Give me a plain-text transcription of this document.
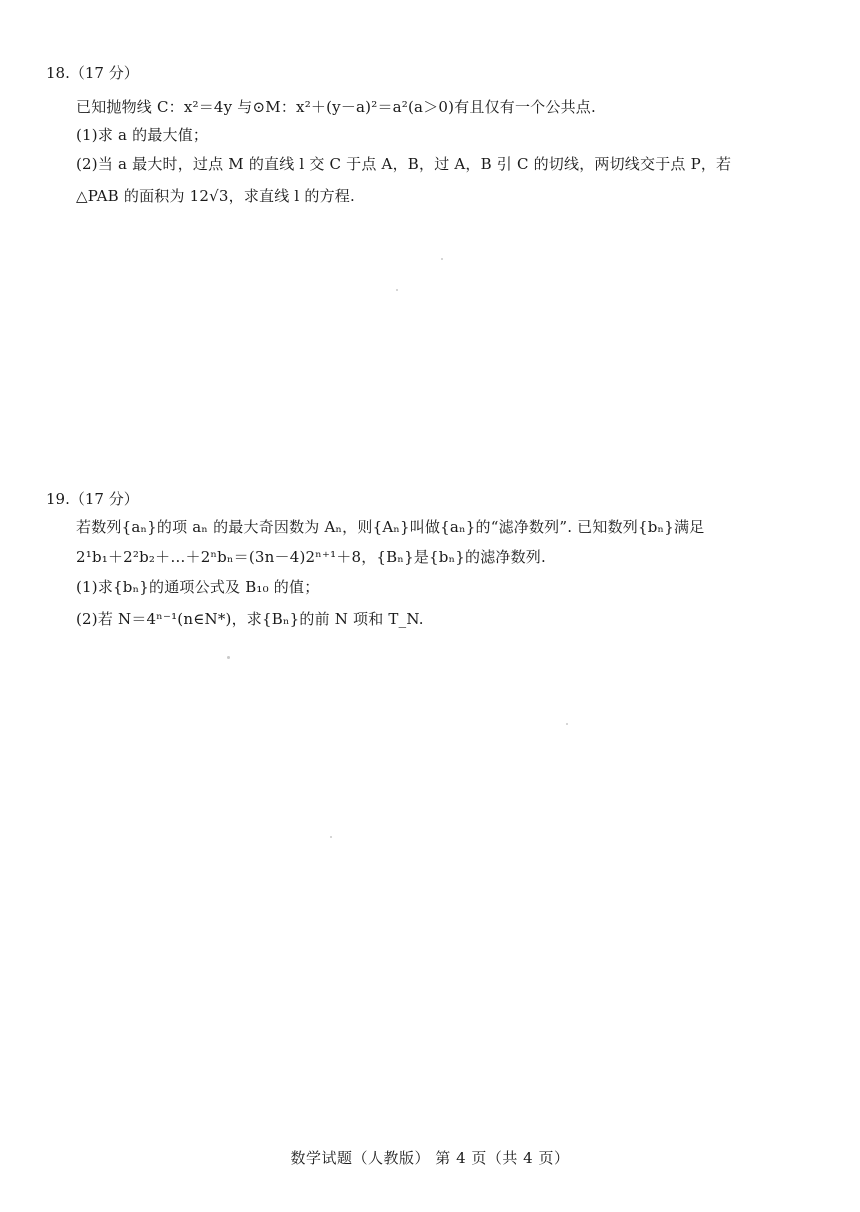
18.（17 分）
已知抛物线 C：x²＝4y 与⊙M：x²＋(y－a)²＝a²(a＞0)有且仅有一个公共点.
(1)求 a 的最大值；
(2)当 a 最大时，过点 M 的直线 l 交 C 于点 A，B，过 A，B 引 C 的切线，两切线交于点 P，若
△PAB 的面积为 12√3，求直线 l 的方程.
19.（17 分）
若数列{aₙ}的项 aₙ 的最大奇因数为 Aₙ，则{Aₙ}叫做{aₙ}的“滤净数列”. 已知数列{bₙ}满足
2¹b₁＋2²b₂＋…＋2ⁿbₙ＝(3n－4)2ⁿ⁺¹＋8，{Bₙ}是{bₙ}的滤净数列.
(1)求{bₙ}的通项公式及 B₁₀ 的值；
(2)若 N＝4ⁿ⁻¹(n∈N*)，求{Bₙ}的前 N 项和 T_N.
数学试题（人教版） 第 4 页（共 4 页）
